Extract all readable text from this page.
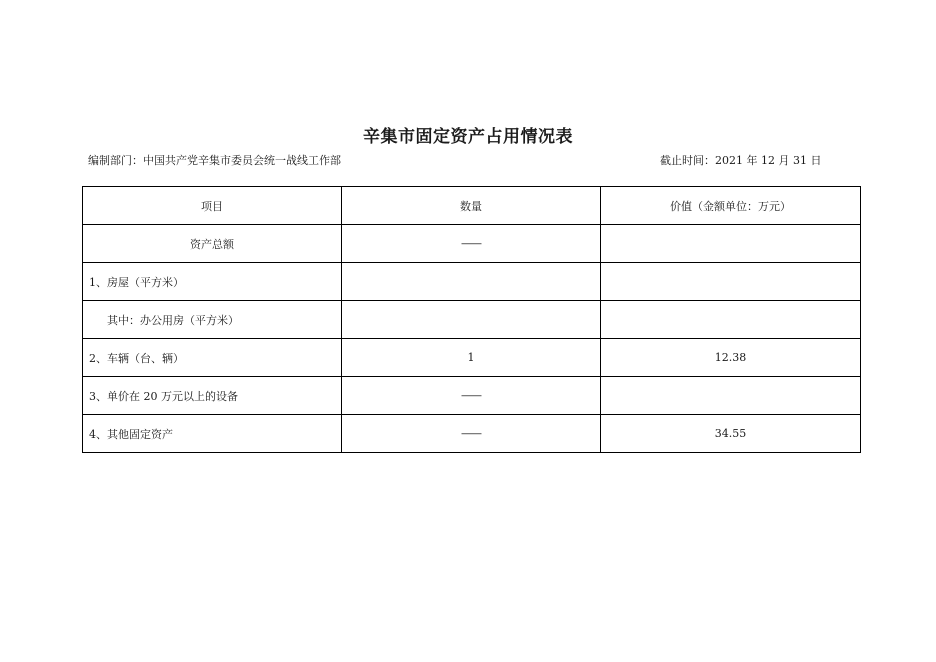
辛集市固定资产占用情况表
编制部门：中国共产党辛集市委员会统一战线工作部	截止时间：2021 年 12 月 31 日
项目	数量	价值（金额单位：万元）
资产总额	——	
1、房屋（平方米）		
其中：办公用房（平方米）		
2、车辆（台、辆）	1	12.38
3、单价在 20 万元以上的设备	——	
4、其他固定资产	——	34.55
